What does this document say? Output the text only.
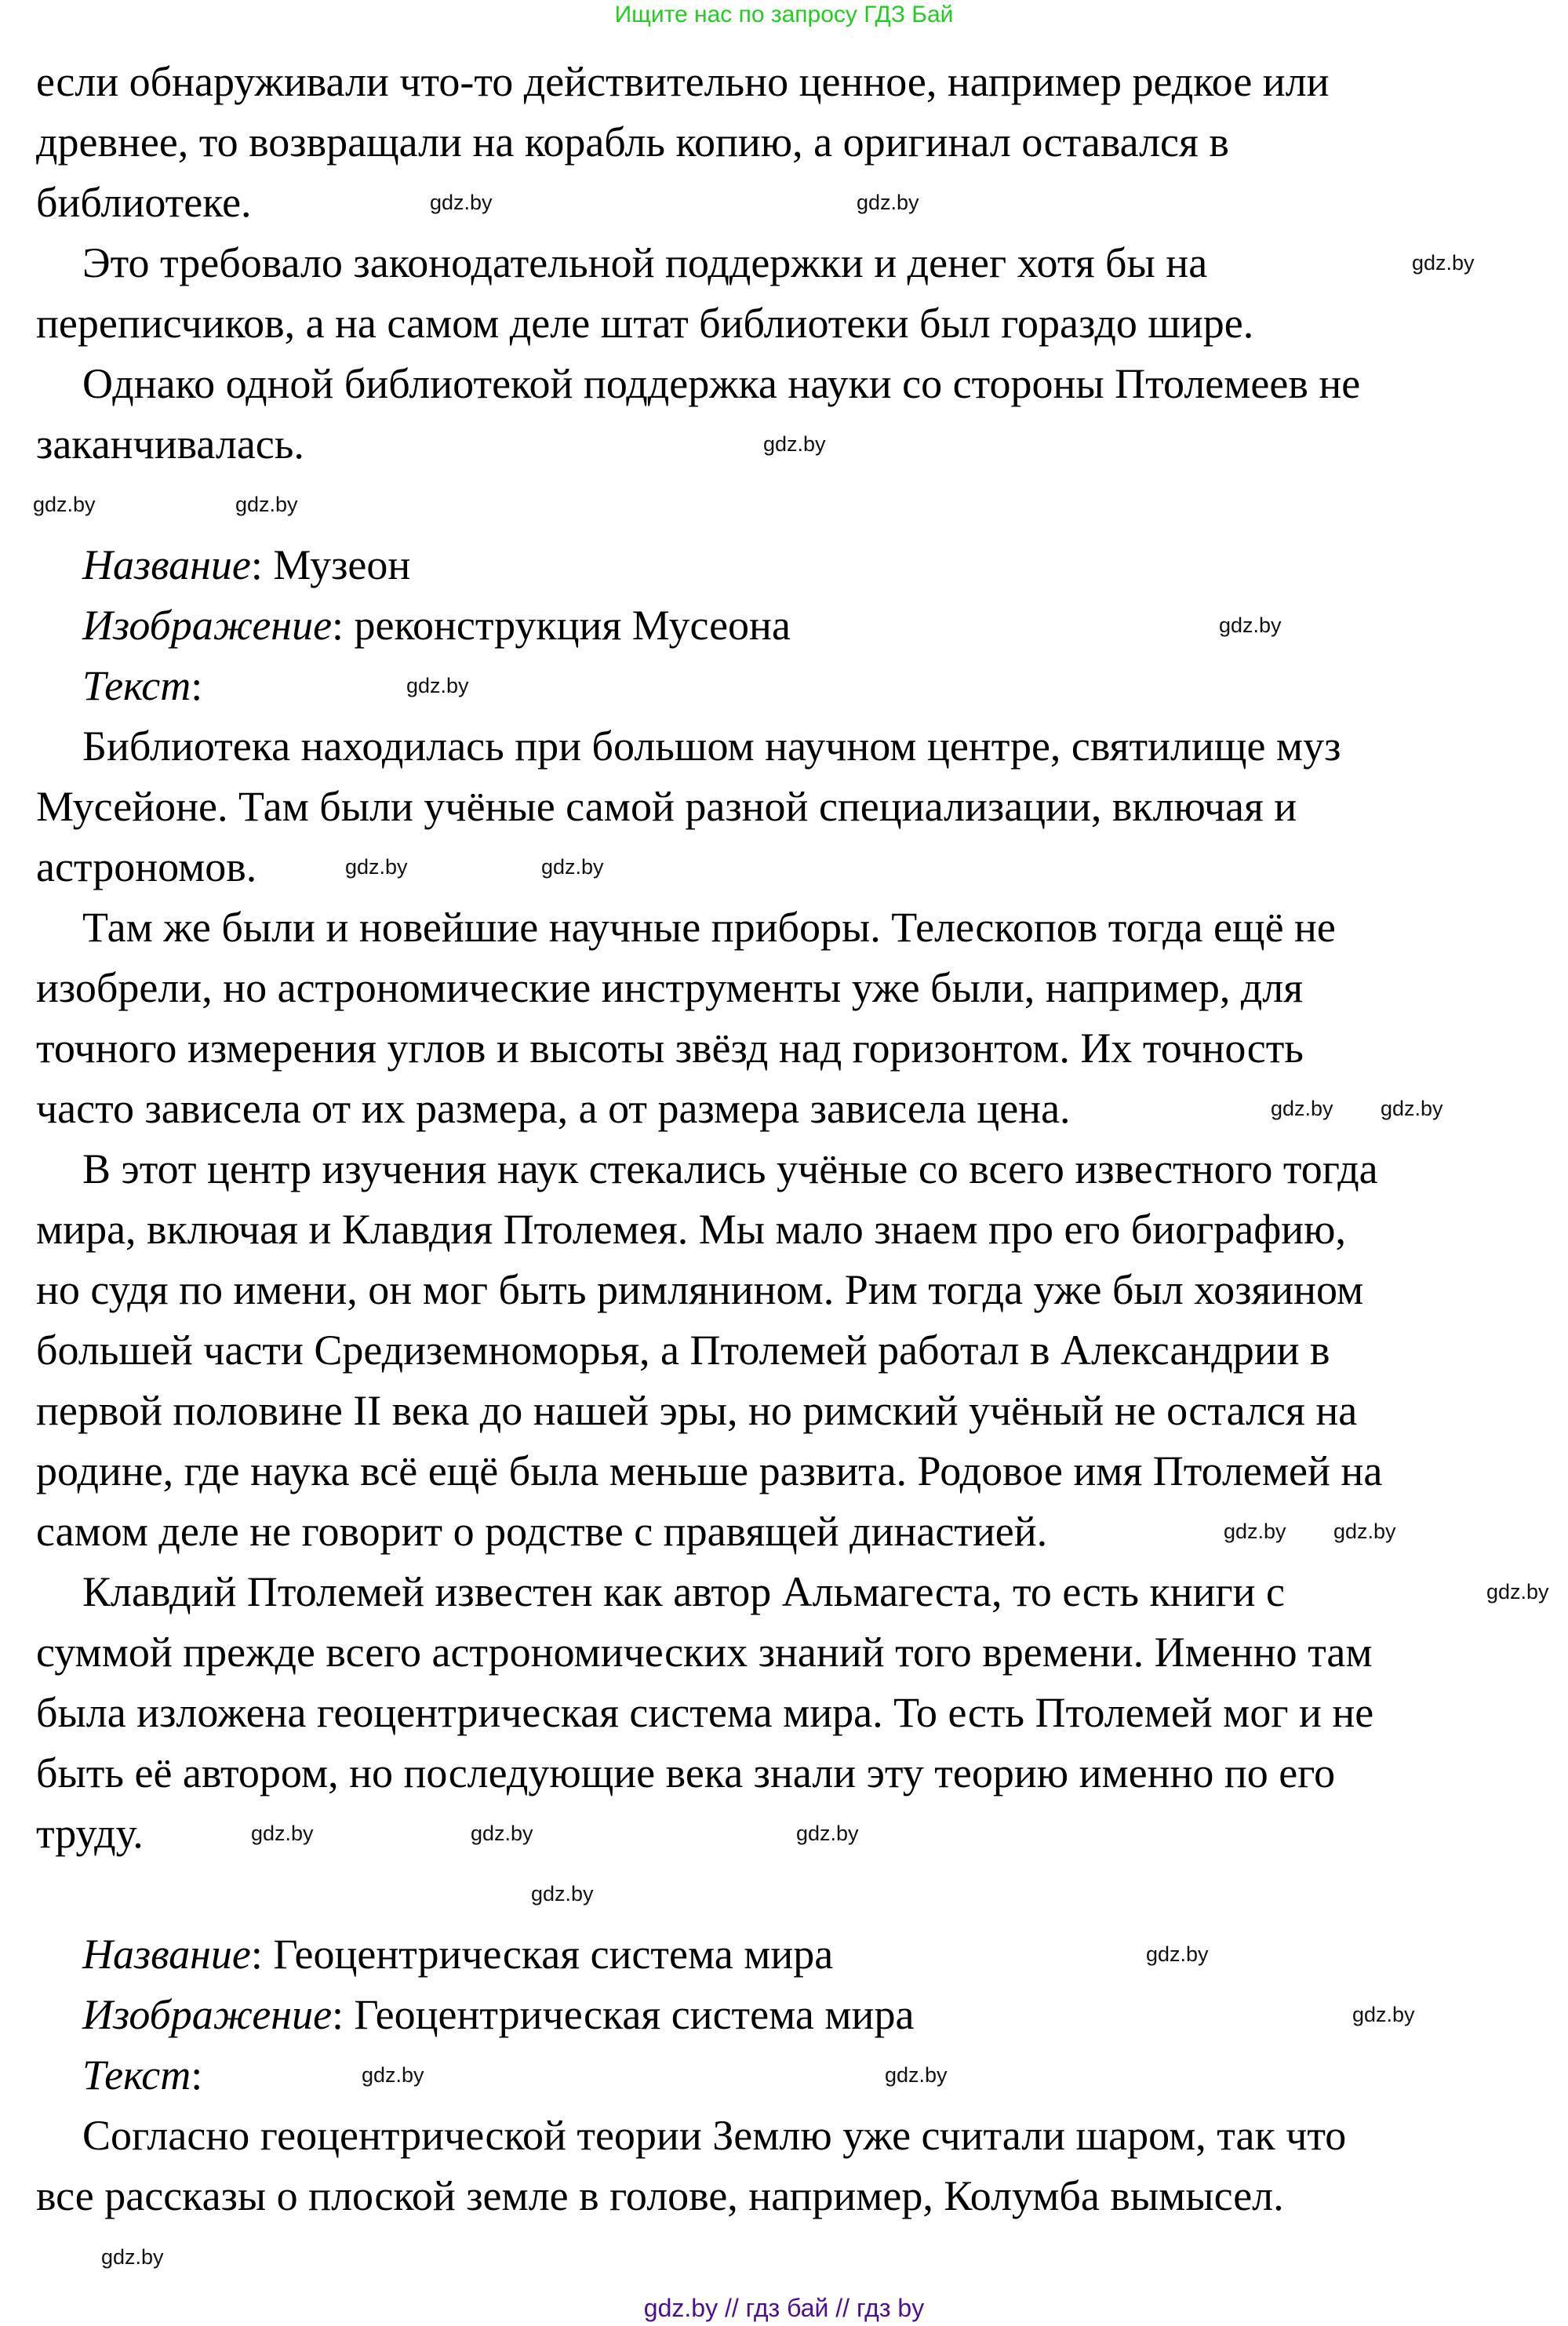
Ищите нас по запросу ГДЗ Бай
если обнаруживали что-то действительно ценное, например редкое или
древнее, то возвращали на корабль копию, а оригинал оставался в
библиотеке.
Это требовало законодательной поддержки и денег хотя бы на
переписчиков, а на самом деле штат библиотеки был гораздо шире.
Однако одной библиотекой поддержка науки со стороны Птолемеев не
заканчивалась.
Название: Музеон
Изображение: реконструкция Мусеона
Текст:
Библиотека находилась при большом научном центре, святилище муз
Мусейоне. Там были учёные самой разной специализации, включая и
астрономов.
Там же были и новейшие научные приборы. Телескопов тогда ещё не
изобрели, но астрономические инструменты уже были, например, для
точного измерения углов и высоты звёзд над горизонтом. Их точность
часто зависела от их размера, а от размера зависела цена.
В этот центр изучения наук стекались учёные со всего известного тогда
мира, включая и Клавдия Птолемея. Мы мало знаем про его биографию,
но судя по имени, он мог быть римлянином. Рим тогда уже был хозяином
большей части Средиземноморья, а Птолемей работал в Александрии в
первой половине II века до нашей эры, но римский учёный не остался на
родине, где наука всё ещё была меньше развита. Родовое имя Птолемей на
самом деле не говорит о родстве с правящей династией.
Клавдий Птолемей известен как автор Альмагеста, то есть книги с
суммой прежде всего астрономических знаний того времени. Именно там
была изложена геоцентрическая система мира. То есть Птолемей мог и не
быть её автором, но последующие века знали эту теорию именно по его
труду.
Название: Геоцентрическая система мира
Изображение: Геоцентрическая система мира
Текст:
Согласно геоцентрической теории Землю уже считали шаром, так что
все рассказы о плоской земле в голове, например, Колумба вымысел.
gdz.by
gdz.by
gdz.by
gdz.by
gdz.by
gdz.by
gdz.by
gdz.by
gdz.by	gdz.by
gdz.by gdz.by
gdz.by
gdz.by
gdz.by
gdz.by
gdz.by
gdz.by
gdz.by
gdz.by
gdz.by
gdz.by	gdz.by
gdz.by
gdz.by // гдз бай // гдз by
